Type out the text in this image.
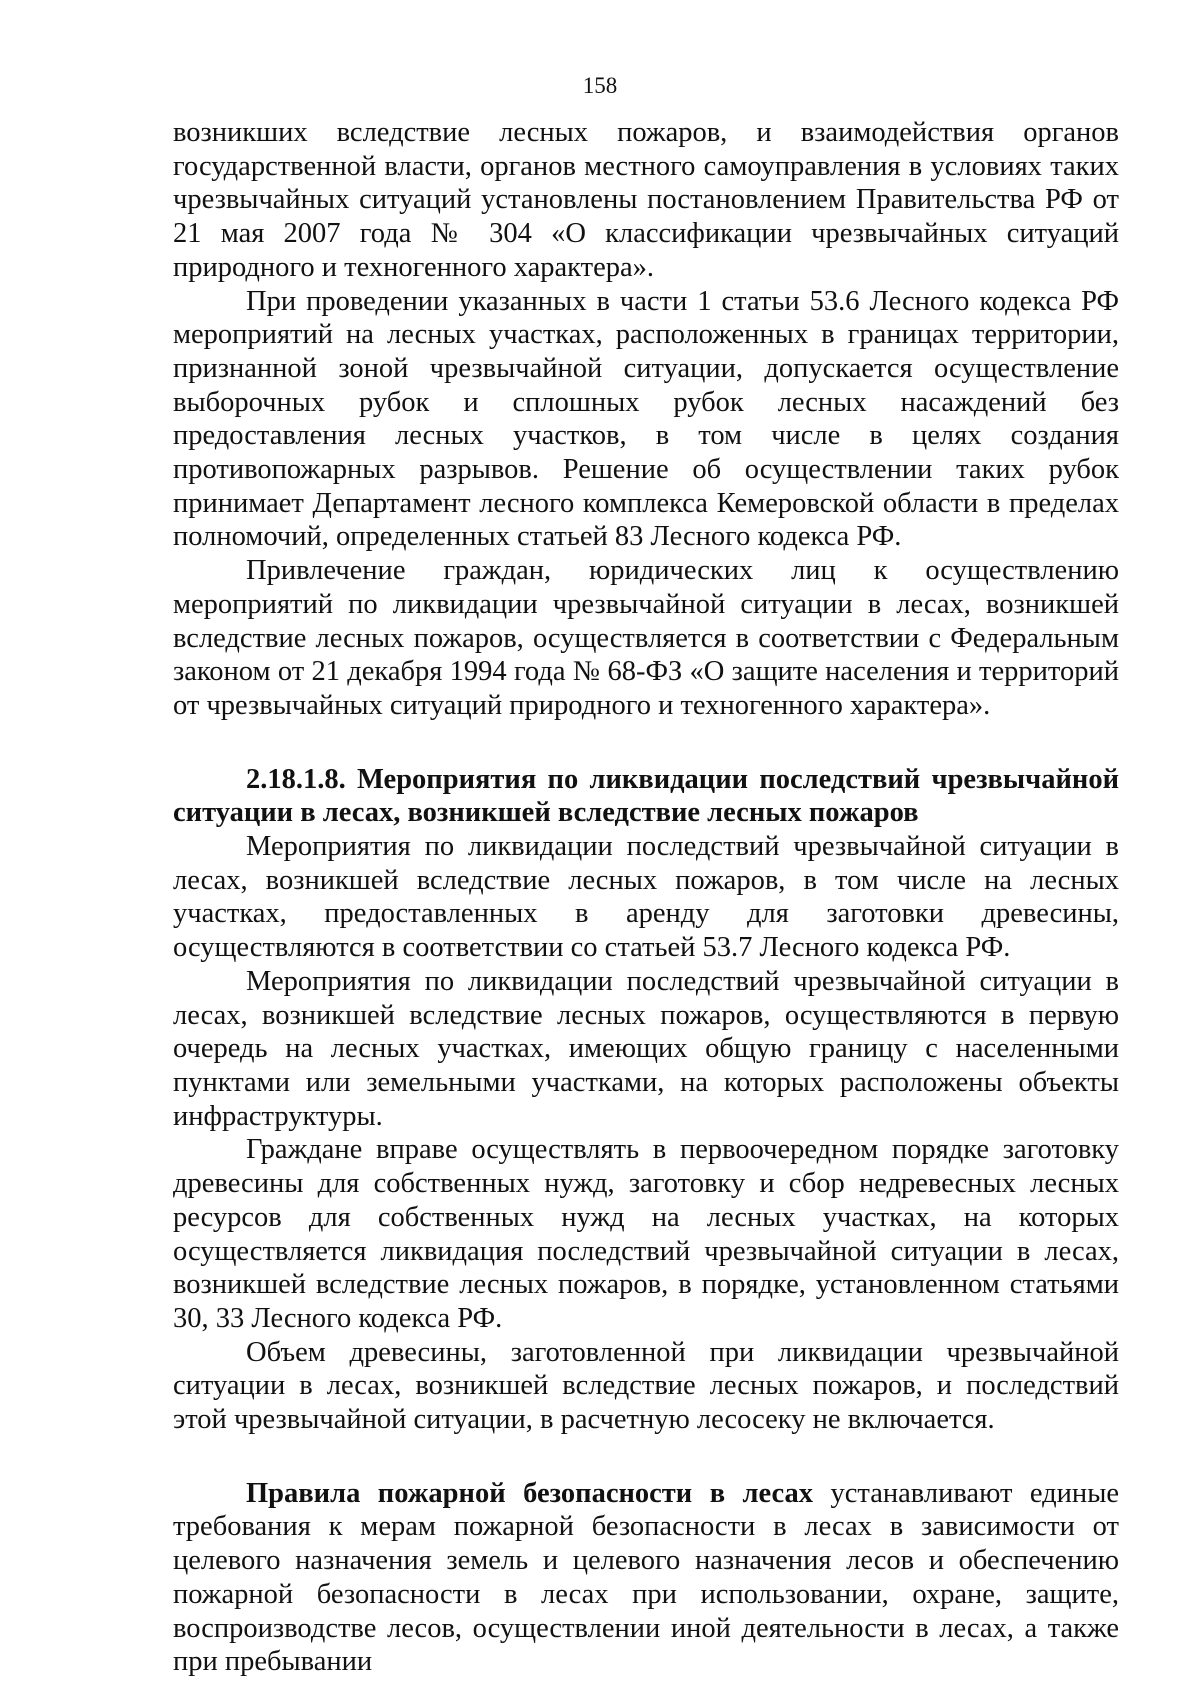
158

возникших вследствие лесных пожаров, и взаимодействия органов государственной власти, органов местного самоуправления в условиях таких чрезвычайных ситуаций установлены постановлением Правительства РФ от 21 мая 2007 года № 304 «О классификации чрезвычайных ситуаций природного и техногенного характера».

При проведении указанных в части 1 статьи 53.6 Лесного кодекса РФ мероприятий на лесных участках, расположенных в границах территории, признанной зоной чрезвычайной ситуации, допускается осуществление выборочных рубок и сплошных рубок лесных насаждений без предоставления лесных участков, в том числе в целях создания противопожарных разрывов. Решение об осуществлении таких рубок принимает Департамент лесного комплекса Кемеровской области в пределах полномочий, определенных статьей 83 Лесного кодекса РФ.

Привлечение граждан, юридических лиц к осуществлению мероприятий по ликвидации чрезвычайной ситуации в лесах, возникшей вследствие лесных пожаров, осуществляется в соответствии с Федеральным законом от 21 декабря 1994 года № 68-ФЗ «О защите населения и территорий от чрезвычайных ситуаций природного и техногенного характера».

2.18.1.8. Мероприятия по ликвидации последствий чрезвычайной ситуации в лесах, возникшей вследствие лесных пожаров

Мероприятия по ликвидации последствий чрезвычайной ситуации в лесах, возникшей вследствие лесных пожаров, в том числе на лесных участках, предоставленных в аренду для заготовки древесины, осуществляются в соответствии со статьей 53.7 Лесного кодекса РФ.

Мероприятия по ликвидации последствий чрезвычайной ситуации в лесах, возникшей вследствие лесных пожаров, осуществляются в первую очередь на лесных участках, имеющих общую границу с населенными пунктами или земельными участками, на которых расположены объекты инфраструктуры.

Граждане вправе осуществлять в первоочередном порядке заготовку древесины для собственных нужд, заготовку и сбор недревесных лесных ресурсов для собственных нужд на лесных участках, на которых осуществляется ликвидация последствий чрезвычайной ситуации в лесах, возникшей вследствие лесных пожаров, в порядке, установленном статьями 30, 33 Лесного кодекса РФ.

Объем древесины, заготовленной при ликвидации чрезвычайной ситуации в лесах, возникшей вследствие лесных пожаров, и последствий этой чрезвычайной ситуации, в расчетную лесосеку не включается.

Правила пожарной безопасности в лесах устанавливают единые требования к мерам пожарной безопасности в лесах в зависимости от целевого назначения земель и целевого назначения лесов и обеспечению пожарной безопасности в лесах при использовании, охране, защите, воспроизводстве лесов, осуществлении иной деятельности в лесах, а также при пребывании
